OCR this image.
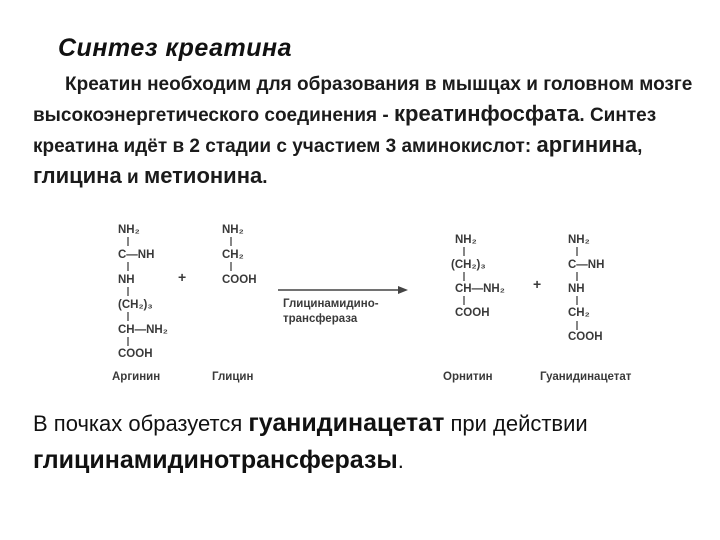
Синтез креатина
Креатин необходим для образования в мышцах и головном мозге высокоэнергетического соединения - креатинфосфата. Синтез креатина идёт в 2 стадии с участием 3 аминокислот: аргинина, глицина и метионина.
NH₂
C—NH
NH
(CH₂)₃
CH—NH₂
COOH
Аргинин
+
NH₂
CH₂
COOH
Глицин
Глицинамидино-
трансфераза
NH₂
(CH₂)₃
CH—NH₂
COOH
Орнитин
+
NH₂
C—NH
NH
CH₂
COOH
Гуанидинацетат
В почках образуется гуанидинацетат при действии глицинамидинотрансферазы.
